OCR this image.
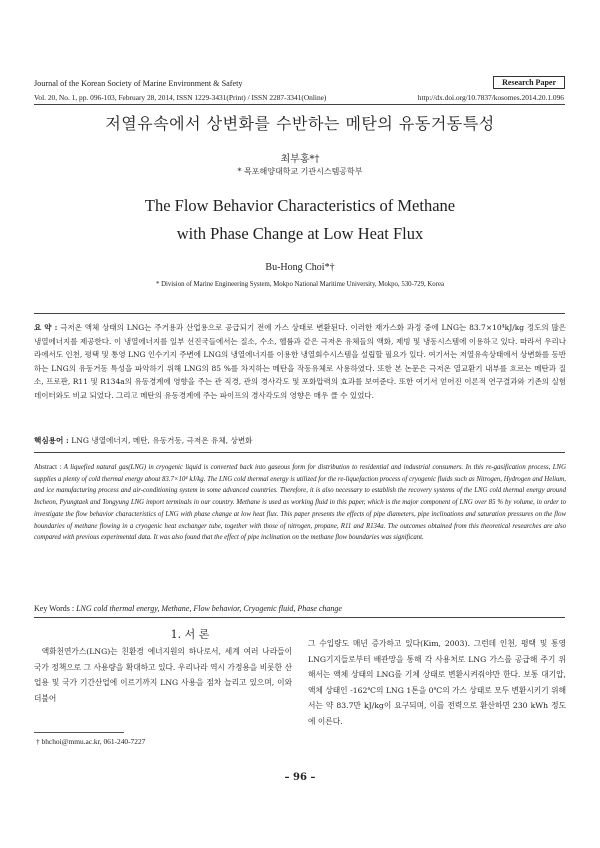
Journal of the Korean Society of Marine Environment & Safety	Research Paper
Vol. 20, No. 1, pp. 096-103, February 28, 2014, ISSN 1229-3431(Print) / ISSN 2287-3341(Online)	http://dx.doi.org/10.7837/kosomes.2014.20.1.096
저열유속에서 상변화를 수반하는 메탄의 유동거동특성
최부홍*†
* 목포해양대학교 기관시스템공학부
The Flow Behavior Characteristics of Methane
with Phase Change at Low Heat Flux
Bu-Hong Choi*†
* Division of Marine Engineering System, Mokpo National Maritime University, Mokpo, 530-729, Korea
요 약 : 극저온 액체 상태의 LNG는 주거용과 산업용으로 공급되기 전에 가스 상태로 변환된다. 이러한 재가스화 과정 중에 LNG는 83.7×10⁴kJ/kg 정도의 많은 냉열에너지를 제공한다. 이 냉열에너지를 일부 선진국들에서는 질소, 수소, 헬륨과 같은 극저온 유체들의 액화, 제빙 및 냉동시스템에 이용하고 있다. 따라서 우리나라에서도 인천, 평택 및 통영 LNG 인수기지 주변에 LNG의 냉열에너지를 이용한 냉열회수시스템을 설립할 필요가 있다. 여기서는 저열유속상태에서 상변화를 동반하는 LNG의 유동거동 특성을 파악하기 위해 LNG의 85 %를 차지하는 메탄을 작동유체로 사용하였다. 또한 본 논문은 극저온 열교환기 내부를 흐르는 메탄과 질소, 프로판, R11 및 R134a의 유동경계에 영향을 주는 관 직경, 관의 경사각도 및 포화압력의 효과를 보여준다. 또한 여기서 얻어진 이론적 연구결과와 기존의 실험 데이터와도 비교 되었다. 그리고 메탄의 유동경계에 주는 파이프의 경사각도의 영향은 매우 클 수 있었다.
핵심용어 : LNG 냉열에너지, 메탄, 유동거동, 극저온 유체, 상변화
Abstract : A liquefied natural gas(LNG) in cryogenic liquid is converted back into gaseous form for distribution to residential and industrial consumers. In this re-gasification process, LNG supplies a plenty of cold thermal energy about 83.7×10⁴ kJ/kg. The LNG cold thermal energy is utilized for the re-liquefaction process of cryogenic fluids such as Nitrogen, Hydrogen and Helium, and ice manufacturing process and air-conditioning system in some advanced countries. Therefore, it is also necessary to establish the recovery systems of the LNG cold thermal energy around Incheon, Pyungtaek and Tongyung LNG import terminals in our country. Methane is used as working fluid in this paper, which is the major component of LNG over 85 % by volume, in order to investigate the flow behavior characteristics of LNG with phase change at low heat flux. This paper presents the effects of pipe diameters, pipe inclinations and saturation pressures on the flow boundaries of methane flowing in a cryogenic heat exchanger tube, together with those of nitrogen, propane, R11 and R134a. The outcomes obtained from this theoretical researches are also compared with previous experimental data. It was also found that the effect of pipe inclination on the methane flow boundaries was significant.
Key Words : LNG cold thermal energy, Methane, Flow behavior, Cryogenic fluid, Phase change
1. 서 론
액화천연가스(LNG)는 친환경 에너지원의 하나로서, 세계 여러 나라들이 국가 정책으로 그 사용량을 확대하고 있다. 우리나라 역시 가정용을 비롯한 산업용 및 국가 기간산업에 이르기까지 LNG 사용을 점차 늘리고 있으며, 이와 더불어
그 수입량도 매년 증가하고 있다(Kim, 2003). 그런데 인천, 평택 및 통영 LNG기지들로부터 배관망을 통해 각 사용처로 LNG 가스를 공급해 주기 위해서는 액체 상태의 LNG를 기체 상태로 변환시켜줘야만 한다. 보통 대기압, 액체 상태인 -162℃의 LNG 1톤을 0℃의 가스 상태로 모두 변환시키기 위해서는 약 83.7만 kJ/kg이 요구되며, 이를 전력으로 환산하면 230 kWh 정도에 이른다.
† bhchoi@mmu.ac.kr, 061-240-7227
– 96 –
